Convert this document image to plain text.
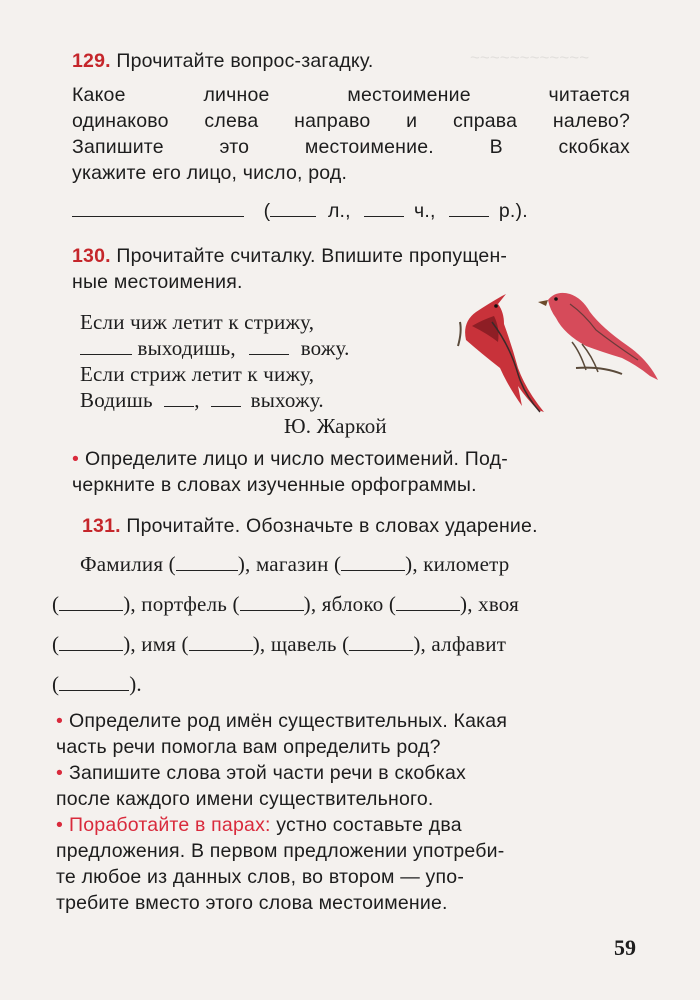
~~~~~~~~~~~~
129. Прочитайте вопрос-загадку.
Какое личное местоимение читается
одинаково слева направо и справа налево?
Запишите это местоимение. В скобках
укажите его лицо, число, род.
(	л.,	ч.,	р.).
130. Прочитайте считалку. Впишите пропущен-
ные местоимения.
Если чиж летит к стрижу,
выходишь,	вожу.
Если стриж летит к чижу,
Водишь , выхожу.
Ю. Жаркой
• Определите лицо и число местоимений. Под-
черкните в словах изученные орфограммы.
131. Прочитайте. Обозначьте в словах ударение.
Фамилия (	), магазин (	), километр
(	), портфель (	), яблоко (	), хвоя
(	), имя (	), щавель (	), алфавит
(	).
• Определите род имён существительных. Какая
часть речи помогла вам определить род?
• Запишите слова этой части речи в скобках
после каждого имени существительного.
• Поработайте в парах: устно составьте два
предложения. В первом предложении употреби-
те любое из данных слов, во втором — упо-
требите вместо этого слова местоимение.
59
